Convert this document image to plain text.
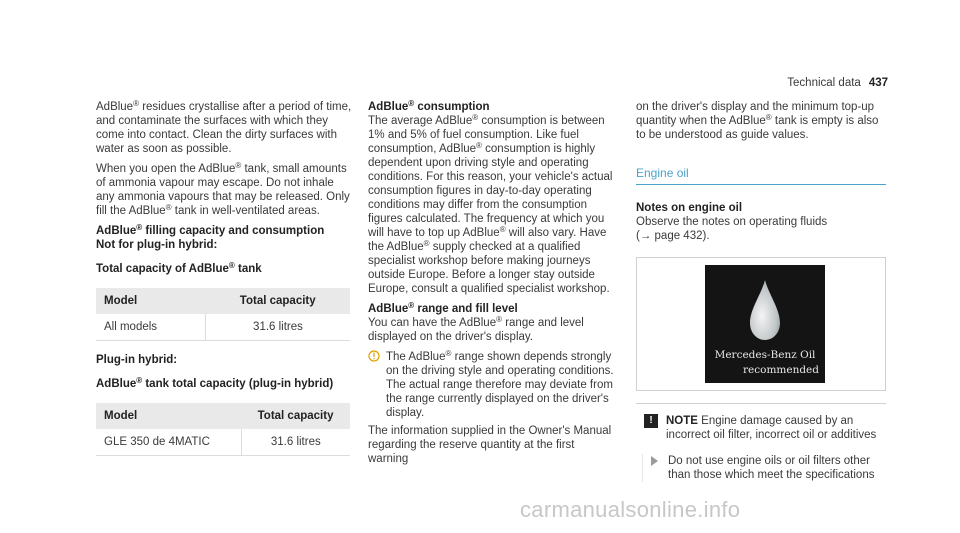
Technical data 437

AdBlue® residues crystallise after a period of time, and contaminate the surfaces with which they come into contact. Clean the dirty surfaces with water as soon as possible.

When you open the AdBlue® tank, small amounts of ammonia vapour may escape. Do not inhale any ammonia vapours that may be released. Only fill the AdBlue® tank in well-ventilated areas.

AdBlue® filling capacity and consumption
Not for plug-in hybrid:
Total capacity of AdBlue® tank
Model	Total capacity
All models	31.6 litres
Plug-in hybrid:
AdBlue® tank total capacity (plug-in hybrid)
Model	Total capacity
GLE 350 de 4MATIC	31.6 litres
AdBlue® consumption

The average AdBlue® consumption is between 1% and 5% of fuel consumption. Like fuel consumption, AdBlue® consumption is highly dependent upon driving style and operating conditions. For this reason, your vehicle's actual consumption figures in day-to-day operating conditions may differ from the consumption figures calculated. The frequency at which you will have to top up AdBlue® will also vary. Have the AdBlue® supply checked at a qualified specialist workshop before making journeys outside Europe. Before a longer stay outside Europe, consult a qualified specialist workshop.

AdBlue® range and fill level

You can have the AdBlue® range and level displayed on the driver's display.

The AdBlue® range shown depends strongly on the driving style and operating conditions. The actual range therefore may deviate from the range currently displayed on the driver's display.

The information supplied in the Owner's Manual regarding the reserve quantity at the first warning

on the driver's display and the minimum top-up quantity when the AdBlue® tank is empty is also to be understood as guide values.

Engine oil
Notes on engine oil

Observe the notes on operating fluids

(→ page 432).

Mercedes-Benz Oil
recommended
!	NOTE Engine damage caused by an incorrect oil filter, incorrect oil or additives
Do not use engine oils or oil filters other than those which meet the specifications
carmanualsonline.info
